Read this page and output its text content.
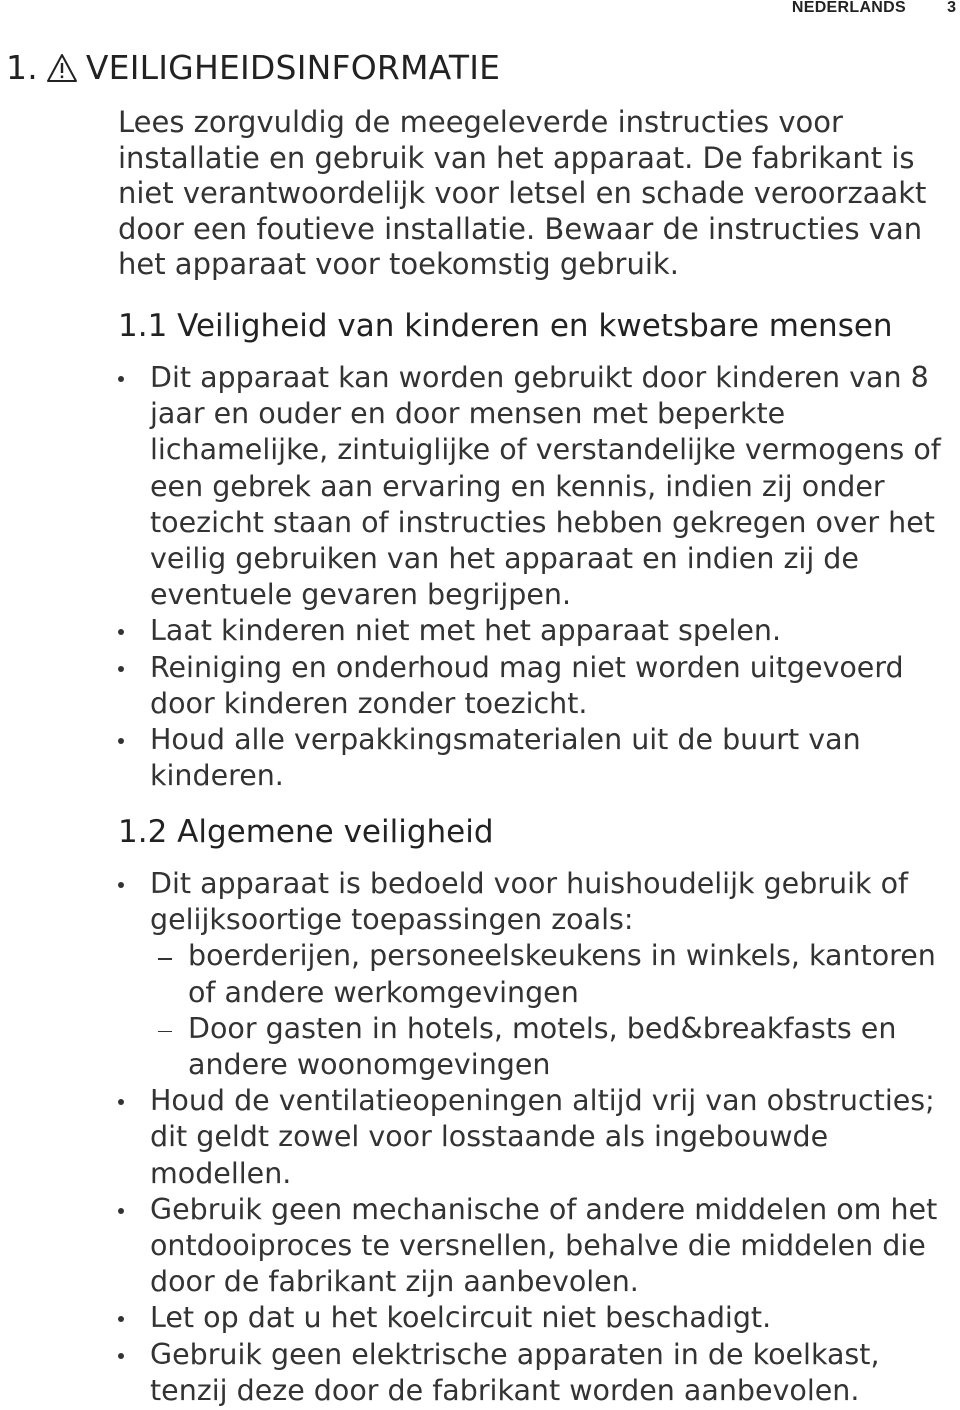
NEDERLANDS	3
1. VEILIGHEIDSINFORMATIE
Lees zorgvuldig de meegeleverde instructies voor installatie en gebruik van het apparaat. De fabrikant is niet verantwoordelijk voor letsel en schade veroorzaakt door een foutieve installatie. Bewaar de instructies van het apparaat voor toekomstig gebruik.
1.1 Veiligheid van kinderen en kwetsbare mensen
Dit apparaat kan worden gebruikt door kinderen van 8 jaar en ouder en door mensen met beperkte lichamelijke, zintuiglijke of verstandelijke vermogens of een gebrek aan ervaring en kennis, indien zij onder toezicht staan of instructies hebben gekregen over het veilig gebruiken van het apparaat en indien zij de eventuele gevaren begrijpen.
Laat kinderen niet met het apparaat spelen.
Reiniging en onderhoud mag niet worden uitgevoerd door kinderen zonder toezicht.
Houd alle verpakkingsmaterialen uit de buurt van kinderen.
1.2 Algemene veiligheid
Dit apparaat is bedoeld voor huishoudelijk gebruik of gelijksoortige toepassingen zoals:
boerderijen, personeelskeukens in winkels, kantoren of andere werkomgevingen
Door gasten in hotels, motels, bed&breakfasts en andere woonomgevingen
Houd de ventilatieopeningen altijd vrij van obstructies; dit geldt zowel voor losstaande als ingebouwde modellen.
Gebruik geen mechanische of andere middelen om het ontdooiproces te versnellen, behalve die middelen die door de fabrikant zijn aanbevolen.
Let op dat u het koelcircuit niet beschadigt.
Gebruik geen elektrische apparaten in de koelkast, tenzij deze door de fabrikant worden aanbevolen.
